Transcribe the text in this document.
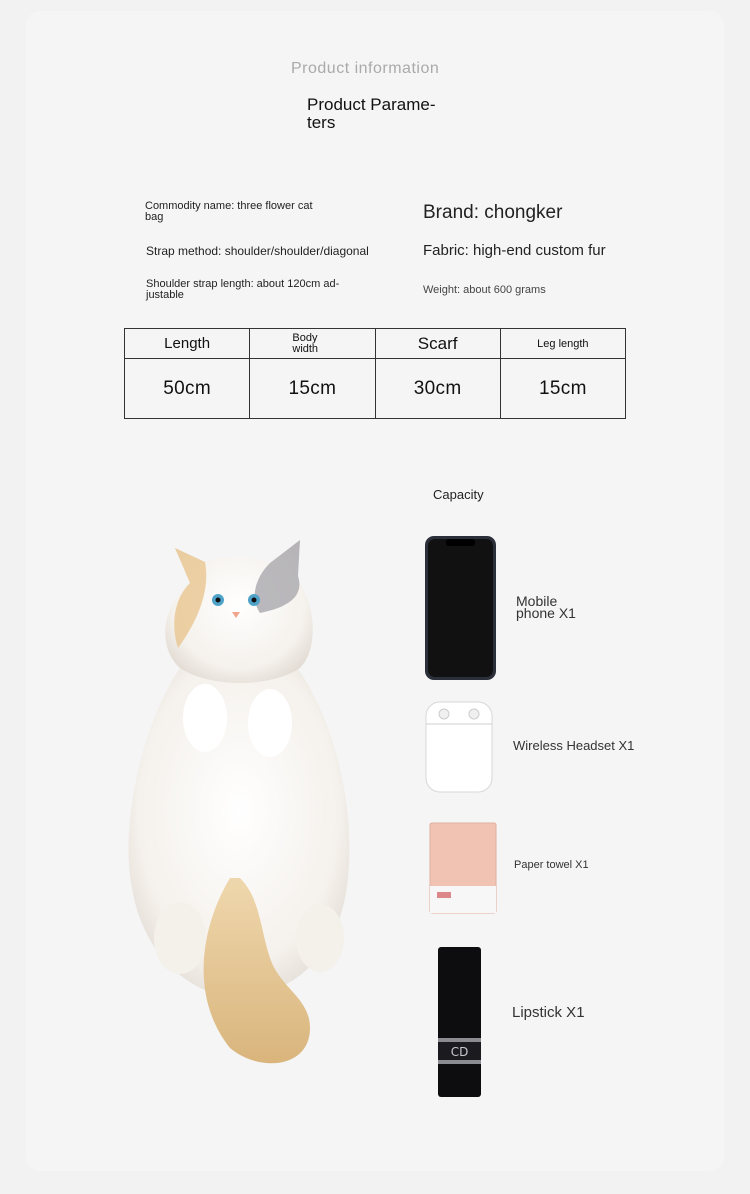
Product information
Product Parame-ters
Commodity name: three flower cat bag
Strap method: shoulder/shoulder/diagonal
Shoulder strap length: about 120cm ad-justable
Brand: chongker
Fabric: high-end custom fur
Weight: about 600 grams
Length	Body width	Scarf	Leg length
50cm	15cm	30cm	15cm
Capacity
Mobile phone X1
Wireless Headset X1
Paper towel X1
CD
Lipstick X1
